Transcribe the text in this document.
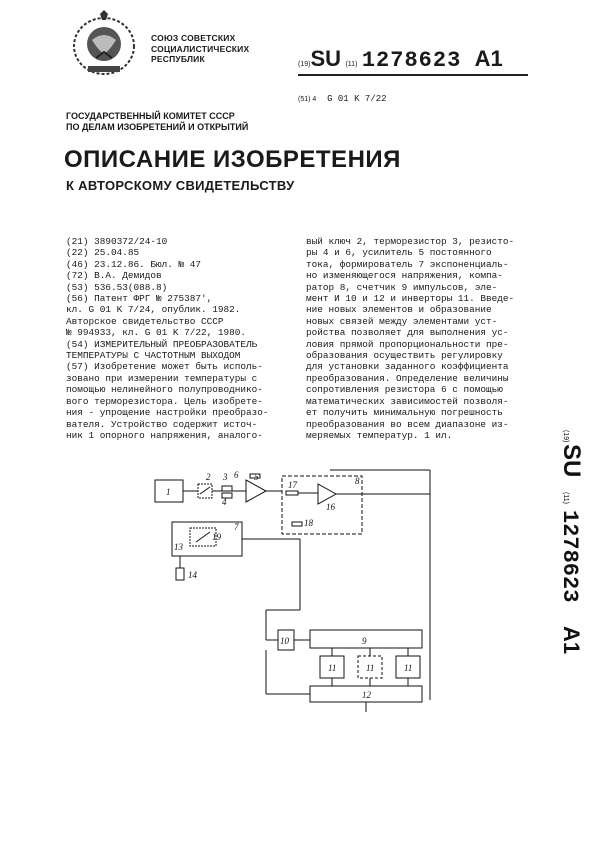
СОЮЗ СОВЕТСКИХ
СОЦИАЛИСТИЧЕСКИХ
РЕСПУБЛИК
(19)SU (11) 1278623 A1
(51) 4 G 01 K 7/22
ГОСУДАРСТВЕННЫЙ КОМИТЕТ СССР
ПО ДЕЛАМ ИЗОБРЕТЕНИЙ И ОТКРЫТИЙ
ОПИСАНИЕ ИЗОБРЕТЕНИЯ
К АВТОРСКОМУ СВИДЕТЕЛЬСТВУ
(21) 3890372/24-10
(22) 25.04.85
(46) 23.12.86. Бюл. № 47
(72) В.А. Демидов
(53) 536.53(088.8)
(56) Патент ФРГ № 275387',
кл. G 01 K 7/24, опублик. 1982.
Авторское свидетельство СССР
№ 994933, кл. G 01 K 7/22, 1980.
(54) ИЗМЕРИТЕЛЬНЫЙ ПРЕОБРАЗОВАТЕЛЬ
ТЕМПЕРАТУРЫ С ЧАСТОТНЫМ ВЫХОДОМ
(57) Изобретение может быть исполь-
зовано при измерении температуры с
помощью нелинейного полупроводнико-
вого терморезистора. Цель изобрете-
ния - упрощение настройки преобразо-
вателя. Устройство содержит источ-
ник 1 опорного напряжения, аналого-
вый ключ 2, терморезистор 3, резисто-
ры 4 и 6, усилитель 5 постоянного
тока, формирователь 7 экспоненциаль-
но изменяющегося напряжения, компа-
ратор 8, счетчик 9 импульсов, эле-
мент И 10 и 12 и инверторы 11. Введе-
ние новых элементов и образование
новых связей между элементами уст-
ройства позволяет для выполнения ус-
ловия прямой пропорциональности пре-
образования осуществить регулировку
для установки заданного коэффициента
преобразования. Определение величины
сопротивления резистора 6 с помощью
математических зависимостей позволя-
ет получить минимальную погрешность
преобразования во всем диапазоне из-
меряемых температур. 1 ил.	(19)
SU
(11)
1278623
A1
1
2 3
4
6 5	8
17
16
18
7
19
13
14
10	9
11	11	11
12
